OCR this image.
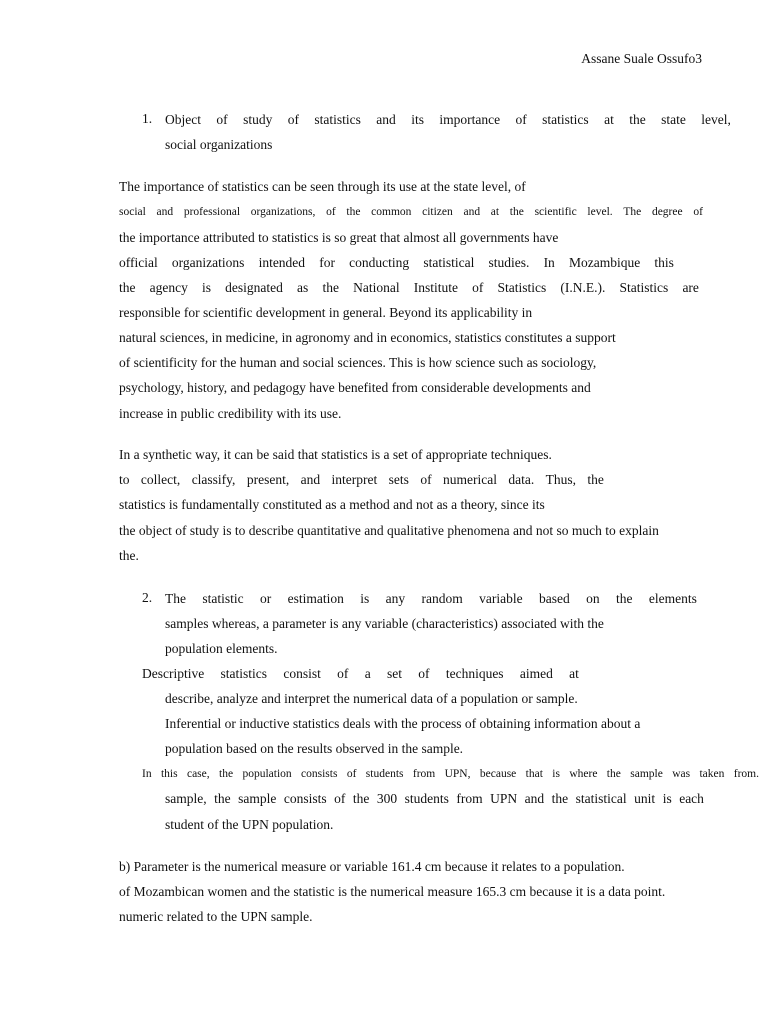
Assane Suale Ossufo3
1. Object of study of statistics and its importance of statistics at the state level,
social organizations
The importance of statistics can be seen through its use at the state level, of
social and professional organizations, of the common citizen and at the scientific level. The degree of
the importance attributed to statistics is so great that almost all governments have
official organizations intended for conducting statistical studies. In Mozambique this
the agency is designated as the National Institute of Statistics (I.N.E.). Statistics are
responsible for scientific development in general. Beyond its applicability in
natural sciences, in medicine, in agronomy and in economics, statistics constitutes a support
of scientificity for the human and social sciences. This is how science such as sociology,
psychology, history, and pedagogy have benefited from considerable developments and
increase in public credibility with its use.
In a synthetic way, it can be said that statistics is a set of appropriate techniques.
to collect, classify, present, and interpret sets of numerical data. Thus, the
statistics is fundamentally constituted as a method and not as a theory, since its
the object of study is to describe quantitative and qualitative phenomena and not so much to explain
the.
2. The statistic or estimation is any random variable based on the elements
samples whereas, a parameter is any variable (characteristics) associated with the
population elements.
Descriptive statistics consist of a set of techniques aimed at
describe, analyze and interpret the numerical data of a population or sample.
Inferential or inductive statistics deals with the process of obtaining information about a
population based on the results observed in the sample.
In this case, the population consists of students from UPN, because that is where the sample was taken from.
sample, the sample consists of the 300 students from UPN and the statistical unit is each
student of the UPN population.
b) Parameter is the numerical measure or variable 161.4 cm because it relates to a population.
of Mozambican women and the statistic is the numerical measure 165.3 cm because it is a data point.
numeric related to the UPN sample.
